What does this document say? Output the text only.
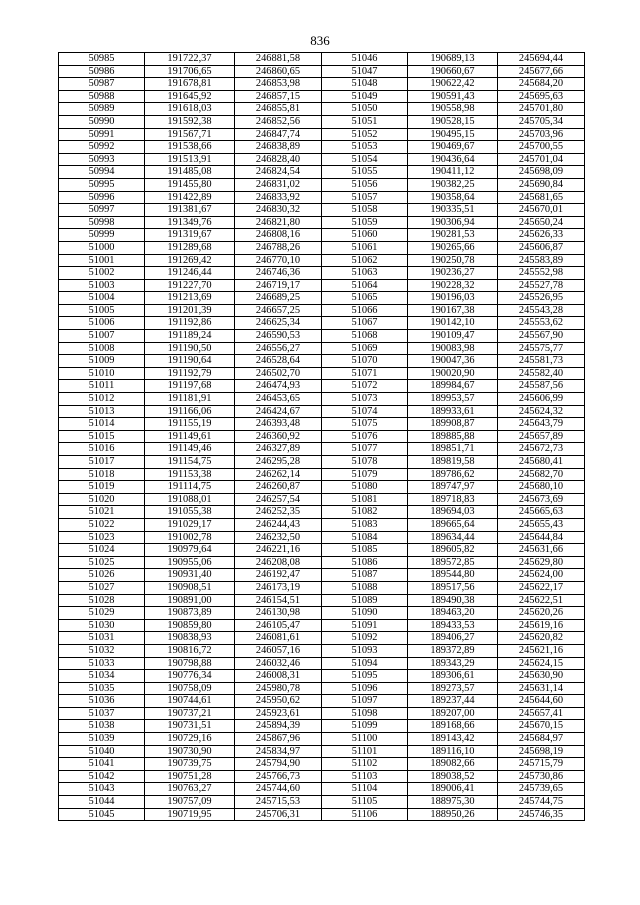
836
50985	191722,37	246881,58	51046	190689,13	245694,44
50986	191706,65	246860,65	51047	190660,67	245677,66
50987	191678,81	246853,98	51048	190622,42	245684,20
50988	191645,92	246857,15	51049	190591,43	245695,63
50989	191618,03	246855,81	51050	190558,98	245701,80
50990	191592,38	246852,56	51051	190528,15	245705,34
50991	191567,71	246847,74	51052	190495,15	245703,96
50992	191538,66	246838,89	51053	190469,67	245700,55
50993	191513,91	246828,40	51054	190436,64	245701,04
50994	191485,08	246824,54	51055	190411,12	245698,09
50995	191455,80	246831,02	51056	190382,25	245690,84
50996	191422,89	246833,92	51057	190358,64	245681,65
50997	191381,67	246830,32	51058	190335,51	245670,01
50998	191349,76	246821,80	51059	190306,94	245650,24
50999	191319,67	246808,16	51060	190281,53	245626,33
51000	191289,68	246788,26	51061	190265,66	245606,87
51001	191269,42	246770,10	51062	190250,78	245583,89
51002	191246,44	246746,36	51063	190236,27	245552,98
51003	191227,70	246719,17	51064	190228,32	245527,78
51004	191213,69	246689,25	51065	190196,03	245526,95
51005	191201,39	246657,25	51066	190167,38	245543,28
51006	191192,86	246625,34	51067	190142,10	245553,62
51007	191189,24	246590,53	51068	190109,47	245567,90
51008	191190,50	246556,27	51069	190083,98	245575,77
51009	191190,64	246528,64	51070	190047,36	245581,73
51010	191192,79	246502,70	51071	190020,90	245582,40
51011	191197,68	246474,93	51072	189984,67	245587,56
51012	191181,91	246453,65	51073	189953,57	245606,99
51013	191166,06	246424,67	51074	189933,61	245624,32
51014	191155,19	246393,48	51075	189908,87	245643,79
51015	191149,61	246360,92	51076	189885,88	245657,89
51016	191149,46	246327,89	51077	189851,71	245672,73
51017	191154,75	246295,28	51078	189819,58	245680,41
51018	191153,38	246262,14	51079	189786,62	245682,70
51019	191114,75	246260,87	51080	189747,97	245680,10
51020	191088,01	246257,54	51081	189718,83	245673,69
51021	191055,38	246252,35	51082	189694,03	245665,63
51022	191029,17	246244,43	51083	189665,64	245655,43
51023	191002,78	246232,50	51084	189634,44	245644,84
51024	190979,64	246221,16	51085	189605,82	245631,66
51025	190955,06	246208,08	51086	189572,85	245629,80
51026	190931,40	246192,47	51087	189544,80	245624,00
51027	190908,51	246173,19	51088	189517,56	245622,17
51028	190891,00	246154,51	51089	189490,38	245622,51
51029	190873,89	246130,98	51090	189463,20	245620,26
51030	190859,80	246105,47	51091	189433,53	245619,16
51031	190838,93	246081,61	51092	189406,27	245620,82
51032	190816,72	246057,16	51093	189372,89	245621,16
51033	190798,88	246032,46	51094	189343,29	245624,15
51034	190776,34	246008,31	51095	189306,61	245630,90
51035	190758,09	245980,78	51096	189273,57	245631,14
51036	190744,61	245950,62	51097	189237,44	245644,60
51037	190737,21	245923,61	51098	189207,00	245657,41
51038	190731,51	245894,39	51099	189168,66	245670,15
51039	190729,16	245867,96	51100	189143,42	245684,97
51040	190730,90	245834,97	51101	189116,10	245698,19
51041	190739,75	245794,90	51102	189082,66	245715,79
51042	190751,28	245766,73	51103	189038,52	245730,86
51043	190763,27	245744,60	51104	189006,41	245739,65
51044	190757,09	245715,53	51105	188975,30	245744,75
51045	190719,95	245706,31	51106	188950,26	245746,35
